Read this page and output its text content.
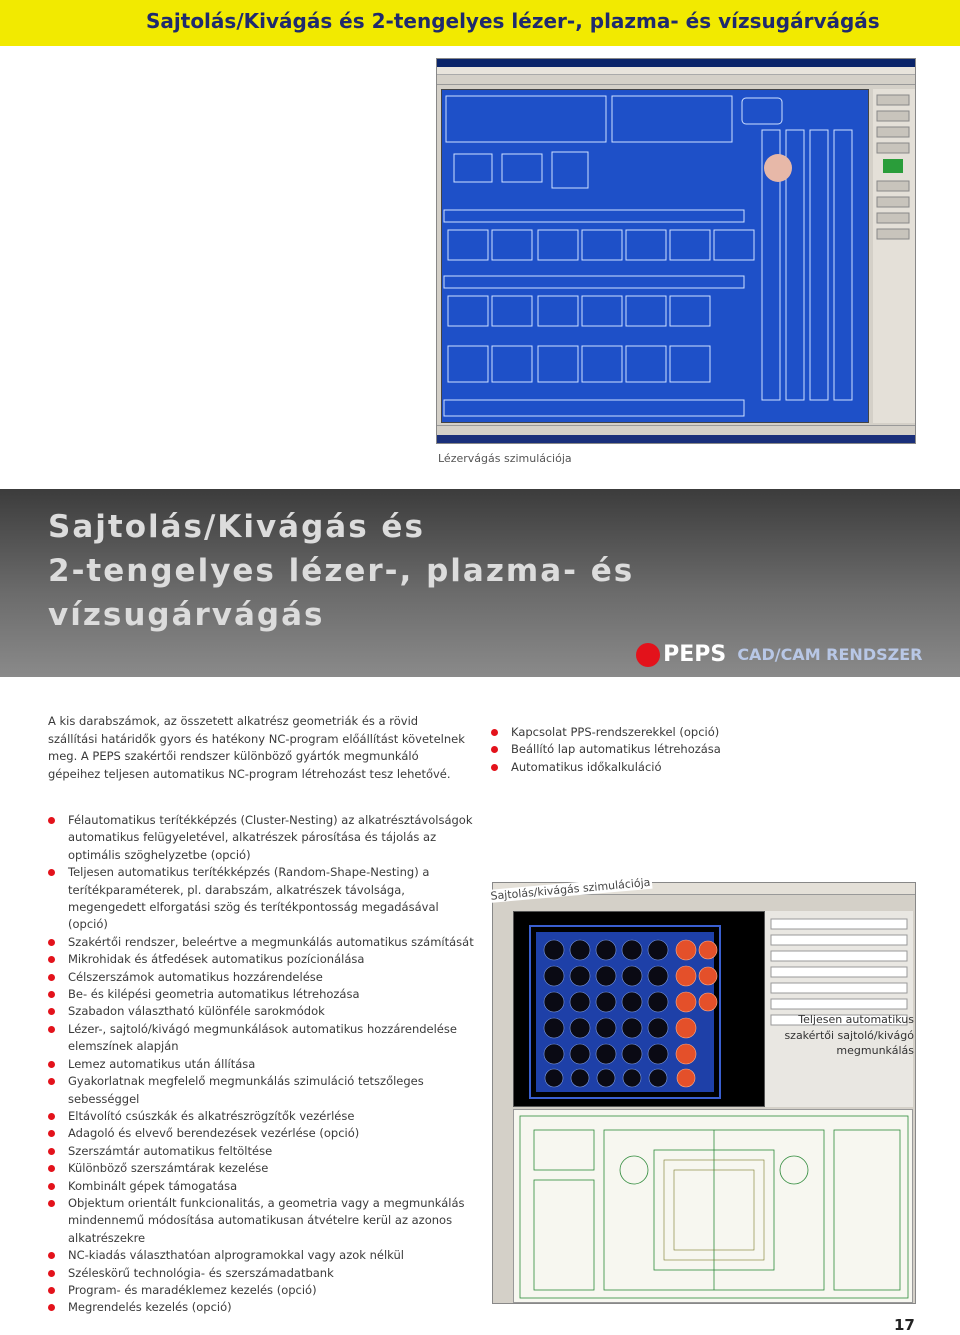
Sajtolás/Kivágás és 2-tengelyes lézer-, plazma- és vízsugárvágás
Lézervágás szimulációja
Sajtolás/Kivágás és
2-tengelyes lézer-, plazma- és
vízsugárvágás
PEPS CAD/CAM RENDSZER

A kis darabszámok, az összetett alkatrész geometriák és a rövid szállítási határidők gyors és hatékony NC-program előállítást követelnek meg. A PEPS szakértői rendszer különböző gyártók megmunkáló gépeihez teljesen automatikus NC-program létrehozást tesz lehetővé.

Kapcsolat PPS-rendszerekkel (opció)
Beállító lap automatikus létrehozása
Automatikus időkalkuláció
Félautomatikus terítékképzés (Cluster-Nesting) az alkatrésztávolságok automatikus felügyeletével, alkatrészek párosítása és tájolás az optimális szöghelyzetbe (opció)
Teljesen automatikus terítékképzés (Random-Shape-Nesting) a terítékparaméterek, pl. darabszám, alkatrészek távolsága, megengedett elforgatási szög és terítékpontosság megadásával (opció)
Szakértői rendszer, beleértve a megmunkálás automatikus számítását
Mikrohidak és átfedések automatikus pozícionálása
Célszerszámok automatikus hozzárendelése
Be- és kilépési geometria automatikus létrehozása
Szabadon választható különféle sarokmódok
Lézer-, sajtoló/kivágó megmunkálások automatikus hozzárendelése elemszínek alapján
Lemez automatikus után állítása
Gyakorlatnak megfelelő megmunkálás szimuláció tetszőleges sebességgel
Eltávolító csúszkák és alkatrészrögzítők vezérlése
Adagoló és elvevő berendezések vezérlése (opció)
Szerszámtár automatikus feltöltése
Különböző szerszámtárak kezelése
Kombinált gépek támogatása
Objektum orientált funkcionalitás, a geometria vagy a megmunkálás mindennemű módosítása automatikusan átvételre kerül az azonos alkatrészekre
NC-kiadás választhatóan alprogramokkal vagy azok nélkül
Széleskörű technológia- és szerszámadatbank
Program- és maradéklemez kezelés (opció)
Megrendelés kezelés (opció)
Sajtolás/kivágás szimulációja
Teljesen automatikus szakértői sajtoló/kivágó megmunkálás
17
